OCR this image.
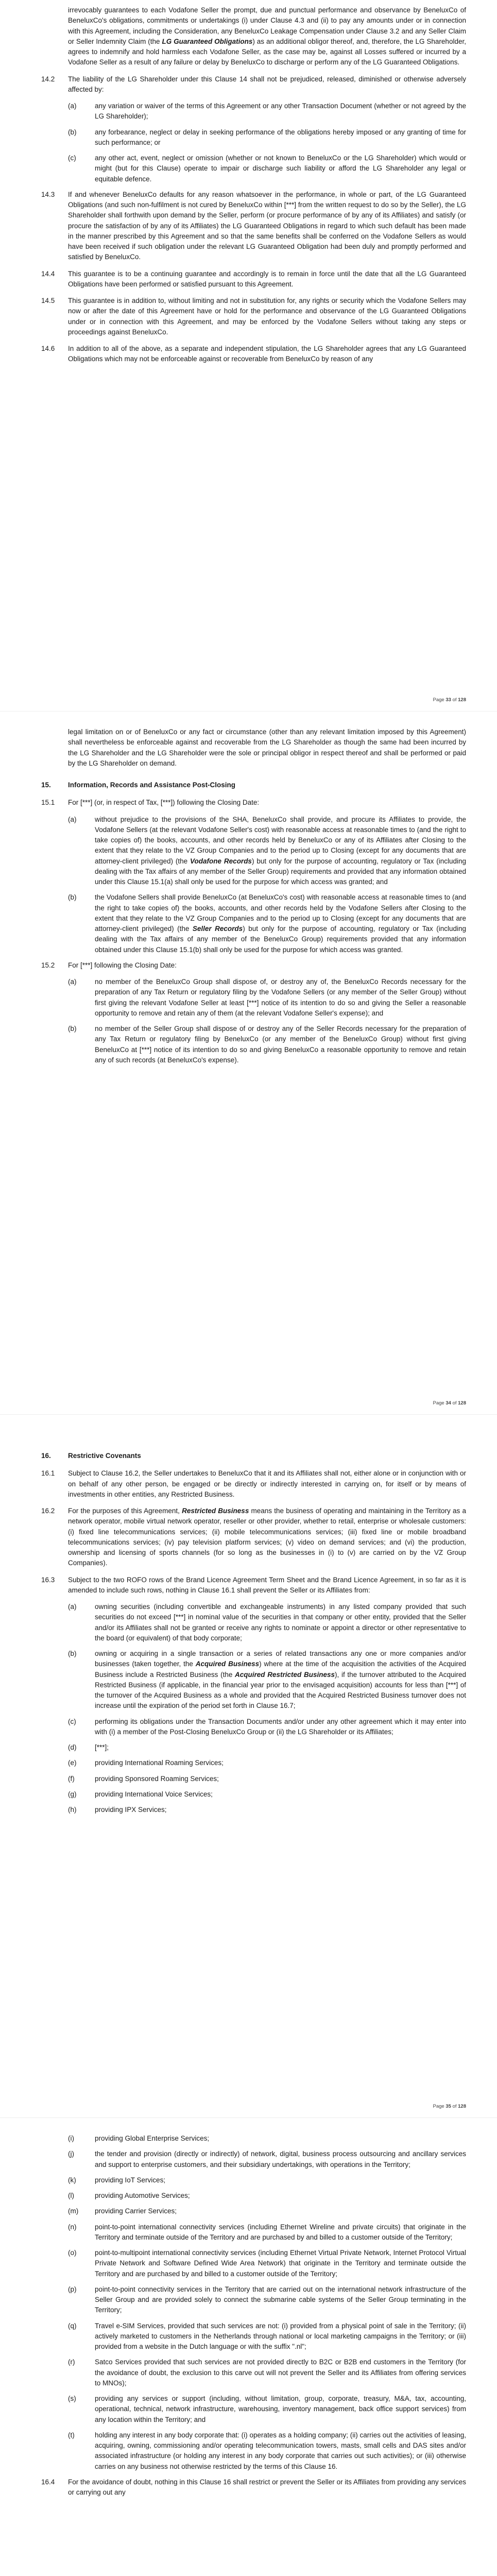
irrevocably guarantees to each Vodafone Seller the prompt, due and punctual performance and observance by BeneluxCo of BeneluxCo's obligations, commitments or undertakings (i) under Clause 4.3 and (ii) to pay any amounts under or in connection with this Agreement, including the Consideration, any BeneluxCo Leakage Compensation under Clause 3.2 and any Seller Claim or Seller Indemnity Claim (the LG Guaranteed Obligations) as an additional obligor thereof, and, therefore, the LG Shareholder, agrees to indemnify and hold harmless each Vodafone Seller, as the case may be, against all Losses suffered or incurred by a Vodafone Seller as a result of any failure or delay by BeneluxCo to discharge or perform any of the LG Guaranteed Obligations.

14.2	The liability of the LG Shareholder under this Clause 14 shall not be prejudiced, released, diminished or otherwise adversely affected by:
(a)	any variation or waiver of the terms of this Agreement or any other Transaction Document (whether or not agreed by the LG Shareholder);
(b)	any forbearance, neglect or delay in seeking performance of the obligations hereby imposed or any granting of time for such performance; or
(c)	any other act, event, neglect or omission (whether or not known to BeneluxCo or the LG Shareholder) which would or might (but for this Clause) operate to impair or discharge such liability or afford the LG Shareholder any legal or equitable defence.
14.3	If and whenever BeneluxCo defaults for any reason whatsoever in the performance, in whole or part, of the LG Guaranteed Obligations (and such non-fulfilment is not cured by BeneluxCo within [***] from the written request to do so by the Seller), the LG Shareholder shall forthwith upon demand by the Seller, perform (or procure performance of by any of its Affiliates) and satisfy (or procure the satisfaction of by any of its Affiliates) the LG Guaranteed Obligations in regard to which such default has been made in the manner prescribed by this Agreement and so that the same benefits shall be conferred on the Vodafone Sellers as would have been received if such obligation under the relevant LG Guaranteed Obligation had been duly and promptly performed and satisfied by BeneluxCo.
14.4	This guarantee is to be a continuing guarantee and accordingly is to remain in force until the date that all the LG Guaranteed Obligations have been performed or satisfied pursuant to this Agreement.
14.5	This guarantee is in addition to, without limiting and not in substitution for, any rights or security which the Vodafone Sellers may now or after the date of this Agreement have or hold for the performance and observance of the LG Guaranteed Obligations under or in connection with this Agreement, and may be enforced by the Vodafone Sellers without taking any steps or proceedings against BeneluxCo.
14.6	In addition to all of the above, as a separate and independent stipulation, the LG Shareholder agrees that any LG Guaranteed Obligations which may not be enforceable against or recoverable from BeneluxCo by reason of any
Page 33 of 128

legal limitation on or of BeneluxCo or any fact or circumstance (other than any relevant limitation imposed by this Agreement) shall nevertheless be enforceable against and recoverable from the LG Shareholder as though the same had been incurred by the LG Shareholder and the LG Shareholder were the sole or principal obligor in respect thereof and shall be performed or paid by the LG Shareholder on demand.

15.	Information, Records and Assistance Post-Closing
15.1	For [***] (or, in respect of Tax, [***]) following the Closing Date:
(a)	without prejudice to the provisions of the SHA, BeneluxCo shall provide, and procure its Affiliates to provide, the Vodafone Sellers (at the relevant Vodafone Seller's cost) with reasonable access at reasonable times to (and the right to take copies of) the books, accounts, and other records held by BeneluxCo or any of its Affiliates after Closing to the extent that they relate to the VZ Group Companies and to the period up to Closing (except for any documents that are attorney-client privileged) (the Vodafone Records) but only for the purpose of accounting, regulatory or Tax (including dealing with the Tax affairs of any member of the Seller Group) requirements and provided that any information obtained under this Clause 15.1(a) shall only be used for the purpose for which access was granted; and
(b)	the Vodafone Sellers shall provide BeneluxCo (at BeneluxCo's cost) with reasonable access at reasonable times to (and the right to take copies of) the books, accounts, and other records held by the Vodafone Sellers after Closing to the extent that they relate to the VZ Group Companies and to the period up to Closing (except for any documents that are attorney-client privileged) (the Seller Records) but only for the purpose of accounting, regulatory or Tax (including dealing with the Tax affairs of any member of the BeneluxCo Group) requirements provided that any information obtained under this Clause 15.1(b) shall only be used for the purpose for which access was granted.
15.2	For [***] following the Closing Date:
(a)	no member of the BeneluxCo Group shall dispose of, or destroy any of, the BeneluxCo Records necessary for the preparation of any Tax Return or regulatory filing by the Vodafone Sellers (or any member of the Seller Group) without first giving the relevant Vodafone Seller at least [***] notice of its intention to do so and giving the Seller a reasonable opportunity to remove and retain any of them (at the relevant Vodafone Seller's expense); and
(b)	no member of the Seller Group shall dispose of or destroy any of the Seller Records necessary for the preparation of any Tax Return or regulatory filing by BeneluxCo (or any member of the BeneluxCo Group) without first giving BeneluxCo at [***] notice of its intention to do so and giving BeneluxCo a reasonable opportunity to remove and retain any of such records (at BeneluxCo's expense).
Page 34 of 128
16.	Restrictive Covenants
16.1	Subject to Clause 16.2, the Seller undertakes to BeneluxCo that it and its Affiliates shall not, either alone or in conjunction with or on behalf of any other person, be engaged or be directly or indirectly interested in carrying on, for itself or by means of investments in other entities, any Restricted Business.
16.2	For the purposes of this Agreement, Restricted Business means the business of operating and maintaining in the Territory as a network operator, mobile virtual network operator, reseller or other provider, whether to retail, enterprise or wholesale customers: (i) fixed line telecommunications services; (ii) mobile telecommunications services; (iii) fixed line or mobile broadband telecommunications services; (iv) pay television platform services; (v) video on demand services; and (vi) the production, ownership and licensing of sports channels (for so long as the businesses in (i) to (v) are carried on by the VZ Group Companies).
16.3	Subject to the two ROFO rows of the Brand Licence Agreement Term Sheet and the Brand Licence Agreement, in so far as it is amended to include such rows, nothing in Clause 16.1 shall prevent the Seller or its Affiliates from:
(a)	owning securities (including convertible and exchangeable instruments) in any listed company provided that such securities do not exceed [***] in nominal value of the securities in that company or other entity, provided that the Seller and/or its Affiliates shall not be granted or receive any rights to nominate or appoint a director or other representative to the board (or equivalent) of that body corporate;
(b)	owning or acquiring in a single transaction or a series of related transactions any one or more companies and/or businesses (taken together, the Acquired Business) where at the time of the acquisition the activities of the Acquired Business include a Restricted Business (the Acquired Restricted Business), if the turnover attributed to the Acquired Restricted Business (if applicable, in the financial year prior to the envisaged acquisition) accounts for less than [***] of the turnover of the Acquired Business as a whole and provided that the Acquired Restricted Business turnover does not increase until the expiration of the period set forth in Clause 16.7;
(c)	performing its obligations under the Transaction Documents and/or under any other agreement which it may enter into with (i) a member of the Post-Closing BeneluxCo Group or (ii) the LG Shareholder or its Affiliates;
(d)	[***];
(e)	providing International Roaming Services;
(f)	providing Sponsored Roaming Services;
(g)	providing International Voice Services;
(h)	providing IPX Services;
Page 35 of 128
(i)	providing Global Enterprise Services;
(j)	the tender and provision (directly or indirectly) of network, digital, business process outsourcing and ancillary services and support to enterprise customers, and their subsidiary undertakings, with operations in the Territory;
(k)	providing IoT Services;
(l)	providing Automotive Services;
(m)	providing Carrier Services;
(n)	point-to-point international connectivity services (including Ethernet Wireline and private circuits) that originate in the Territory and terminate outside of the Territory and are purchased by and billed to a customer outside of the Territory;
(o)	point-to-multipoint international connectivity services (including Ethernet Virtual Private Network, Internet Protocol Virtual Private Network and Software Defined Wide Area Network) that originate in the Territory and terminate outside the Territory and are purchased by and billed to a customer outside of the Territory;
(p)	point-to-point connectivity services in the Territory that are carried out on the international network infrastructure of the Seller Group and are provided solely to connect the submarine cable systems of the Seller Group terminating in the Territory;
(q)	Travel e-SIM Services, provided that such services are not: (i) provided from a physical point of sale in the Territory; (ii) actively marketed to customers in the Netherlands through national or local marketing campaigns in the Territory; or (iii) provided from a website in the Dutch language or with the suffix ".nl";
(r)	Satco Services provided that such services are not provided directly to B2C or B2B end customers in the Territory (for the avoidance of doubt, the exclusion to this carve out will not prevent the Seller and its Affiliates from offering services to MNOs);
(s)	providing any services or support (including, without limitation, group, corporate, treasury, M&A, tax, accounting, operational, technical, network infrastructure, warehousing, inventory management, back office support services) from any location within the Territory; and
(t)	holding any interest in any body corporate that: (i) operates as a holding company; (ii) carries out the activities of leasing, acquiring, owning, commissioning and/or operating telecommunication towers, masts, small cells and DAS sites and/or associated infrastructure (or holding any interest in any body corporate that carries out such activities); or (iii) otherwise carries on any business not otherwise restricted by the terms of this Clause 16.
16.4	For the avoidance of doubt, nothing in this Clause 16 shall restrict or prevent the Seller or its Affiliates from providing any services or carrying out any
